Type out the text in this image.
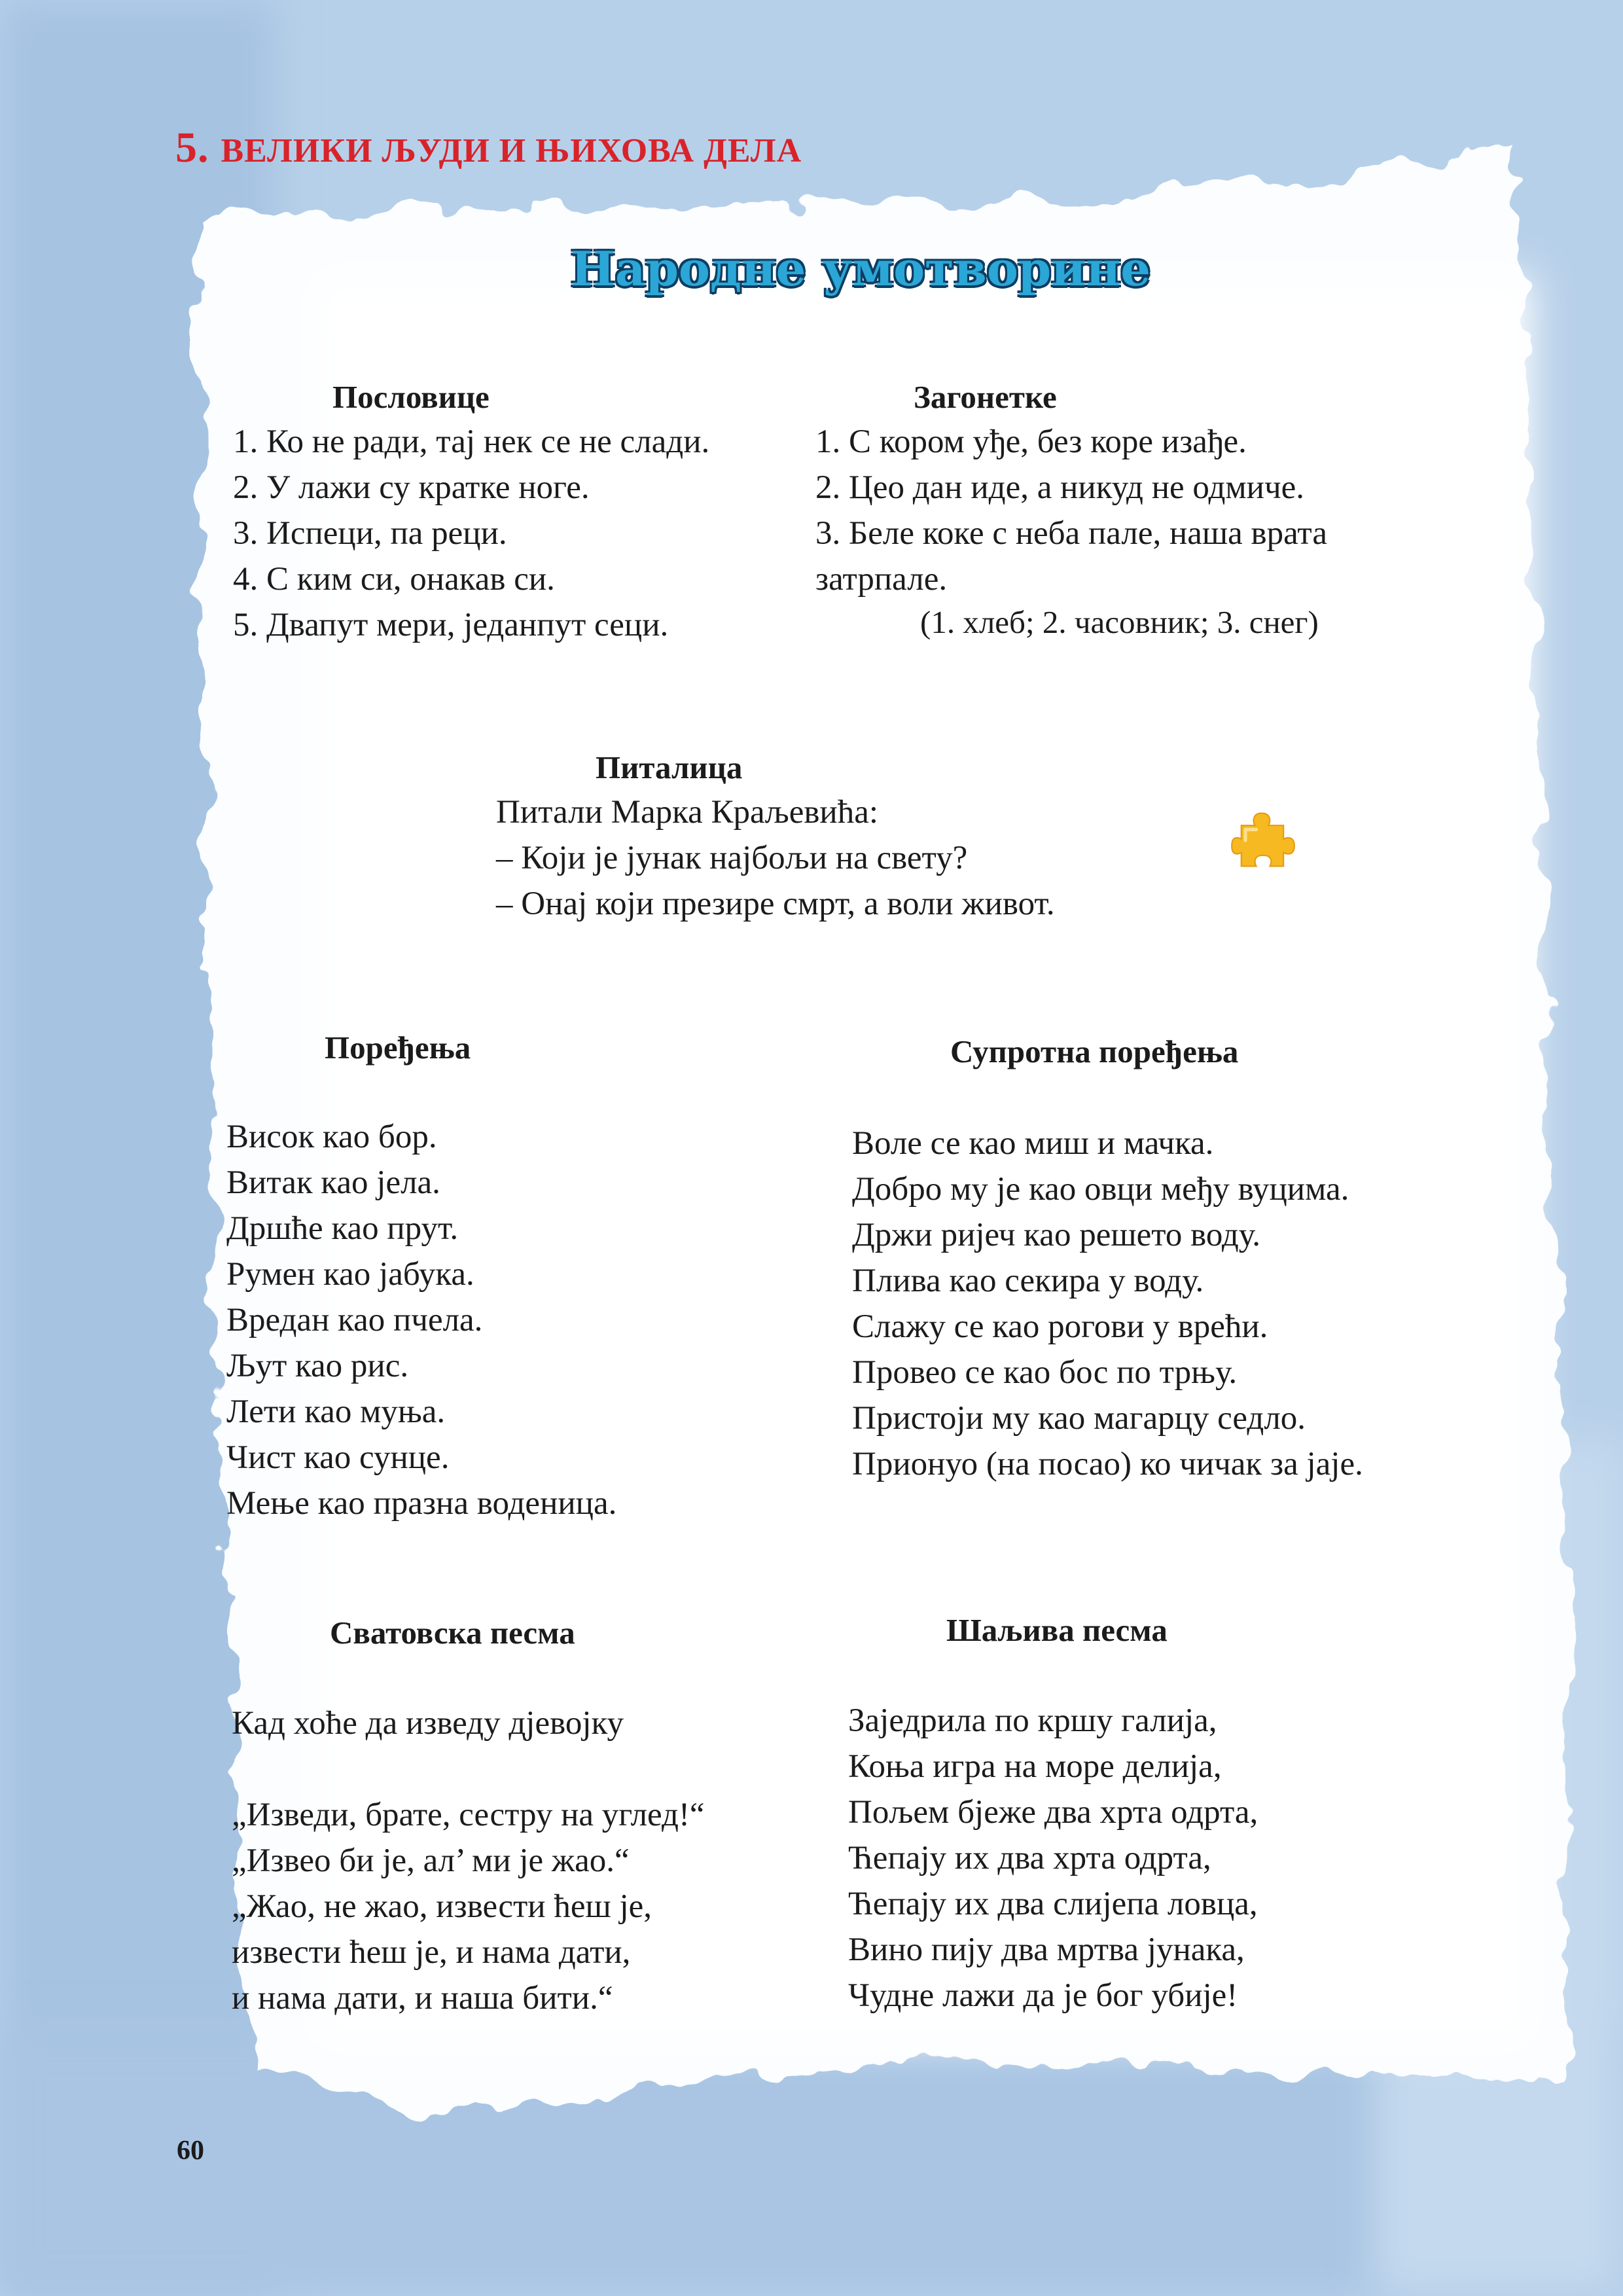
5. ВЕЛИКИ ЉУДИ И ЊИХОВА ДЕЛА
Народне умотворине
Пословице
1. Ко не ради, тај нек се не слади.
2. У лажи су кратке ноге.
3. Испеци, па реци.
4. С ким си, онакав си.
5. Двапут мери, једанпут сеци.
Загонетке
1. С кором уђе, без коре изађе.
2. Цео дан иде, а никуд не одмиче.
3. Беле коке с неба пале, наша врата
затрпале.
(1. хлеб; 2. часовник; 3. снег)
Питалица
Питали Марка Краљевића:
– Који је јунак најбољи на свету?
– Онај који презире смрт, а воли живот.
Поређења
Висок као бор.
Витак као јела.
Дршће као прут.
Румен као јабука.
Вредан као пчела.
Љут као рис.
Лети као муња.
Чист као сунце.
Мење као празна воденица.
Супротна поређења
Воле се као миш и мачка.
Добро му је као овци међу вуцима.
Држи ријеч као решето воду.
Плива као секира у воду.
Слажу се као рогови у врећи.
Провео се као бос по трњу.
Пристоји му као магарцу седло.
Прионуо (на посао) ко чичак за јаје.
Сватовска песма
Кад хоће да изведу дјевојку
„Изведи, брате, сестру на углед!“
„Извео би је, ал’ ми је жао.“
„Жао, не жао, извести ћеш је,
извести ћеш је, и нама дати,
и нама дати, и наша бити.“
Шаљива песма
Заједрила по кршу галија,
Коња игра на море делија,
Пољем бјеже два хрта одрта,
Ћепају их два хрта одрта,
Ћепају их два слијепа ловца,
Вино пију два мртва јунака,
Чудне лажи да је бог убије!
60
